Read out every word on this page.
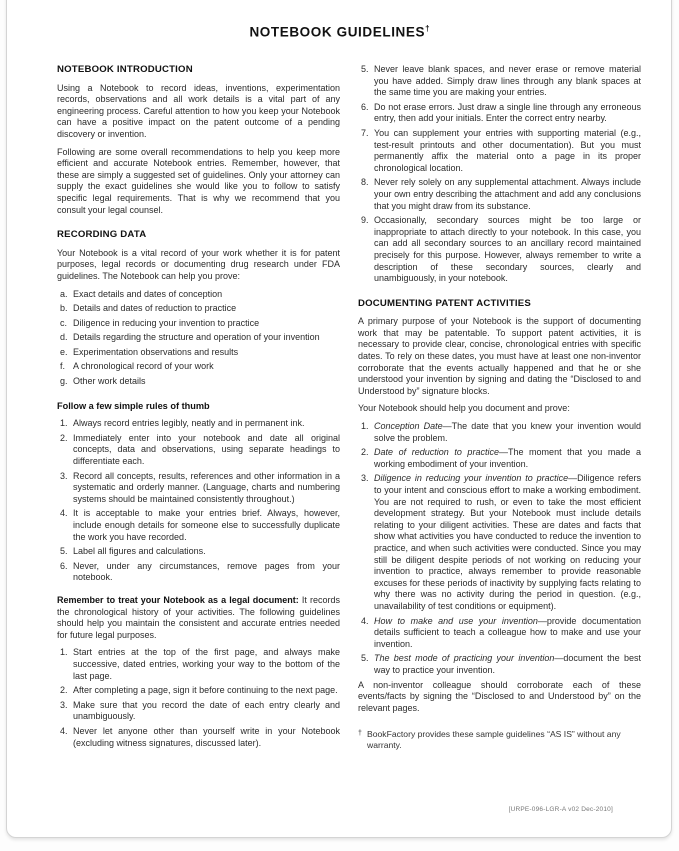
NOTEBOOK GUIDELINES†
NOTEBOOK INTRODUCTION

Using a Notebook to record ideas, inventions, experimentation records, observations and all work details is a vital part of any engineering process. Careful attention to how you keep your Notebook can have a positive impact on the patent outcome of a pending discovery or invention.

Following are some overall recommendations to help you keep more efficient and accurate Notebook entries. Remember, however, that these are simply a suggested set of guidelines. Only your attorney can supply the exact guidelines she would like you to follow to satisfy specific legal requirements. That is why we recommend that you consult your legal counsel.

RECORDING DATA

Your Notebook is a vital record of your work whether it is for patent purposes, legal records or documenting drug research under FDA guidelines. The Notebook can help you prove:

a. Exact details and dates of conception
b. Details and dates of reduction to practice
c. Diligence in reducing your invention to practice
d. Details regarding the structure and operation of your invention
e. Experimentation observations and results
f. A chronological record of your work
g. Other work details
Follow a few simple rules of thumb
1. Always record entries legibly, neatly and in permanent ink.
2. Immediately enter into your notebook and date all original concepts, data and observations, using separate headings to differentiate each.
3. Record all concepts, results, references and other information in a systematic and orderly manner. (Language, charts and numbering systems should be maintained consistently throughout.)
4. It is acceptable to make your entries brief. Always, however, include enough details for someone else to successfully duplicate the work you have recorded.
5. Label all figures and calculations.
6. Never, under any circumstances, remove pages from your notebook.

Remember to treat your Notebook as a legal document: It records the chronological history of your activities. The following guidelines should help you maintain the consistent and accurate entries needed for future legal purposes.

1. Start entries at the top of the first page, and always make successive, dated entries, working your way to the bottom of the last page.
2. After completing a page, sign it before continuing to the next page.
3. Make sure that you record the date of each entry clearly and unambiguously.
4. Never let anyone other than yourself write in your Notebook (excluding witness signatures, discussed later).
5. Never leave blank spaces, and never erase or remove material you have added. Simply draw lines through any blank spaces at the same time you are making your entries.
6. Do not erase errors. Just draw a single line through any erroneous entry, then add your initials. Enter the correct entry nearby.
7. You can supplement your entries with supporting material (e.g., test-result printouts and other documentation). But you must permanently affix the material onto a page in its proper chronological location.
8. Never rely solely on any supplemental attachment. Always include your own entry describing the attachment and add any conclusions that you might draw from its substance.
9. Occasionally, secondary sources might be too large or inappropriate to attach directly to your notebook. In this case, you can add all secondary sources to an ancillary record maintained precisely for this purpose. However, always remember to write a description of these secondary sources, clearly and unambiguously, in your notebook.
DOCUMENTING PATENT ACTIVITIES

A primary purpose of your Notebook is the support of documenting work that may be patentable. To support patent activities, it is necessary to provide clear, concise, chronological entries with specific dates. To rely on these dates, you must have at least one non-inventor corroborate that the events actually happened and that he or she understood your invention by signing and dating the “Disclosed to and Understood by” signature blocks.

Your Notebook should help you document and prove:

1. Conception Date—The date that you knew your invention would solve the problem.
2. Date of reduction to practice—The moment that you made a working embodiment of your invention.
3. Diligence in reducing your invention to practice—Diligence refers to your intent and conscious effort to make a working embodiment. You are not required to rush, or even to take the most efficient development strategy. But your Notebook must include details relating to your diligent activities. These are dates and facts that show what activities you have conducted to reduce the invention to practice, and when such activities were conducted. Since you may still be diligent despite periods of not working on reducing your invention to practice, always remember to provide reasonable excuses for these periods of inactivity by supplying facts relating to why there was no activity during the period in question. (e.g., unavailability of test conditions or equipment).
4. How to make and use your invention—provide documentation details sufficient to teach a colleague how to make and use your invention.
5. The best mode of practicing your invention—document the best way to practice your invention.

A non-inventor colleague should corroborate each of these events/facts by signing the “Disclosed to and Understood by” on the relevant pages.

† BookFactory provides these sample guidelines “AS IS” without any warranty.
[URPE-096-LGR-A v02 Dec-2010]
